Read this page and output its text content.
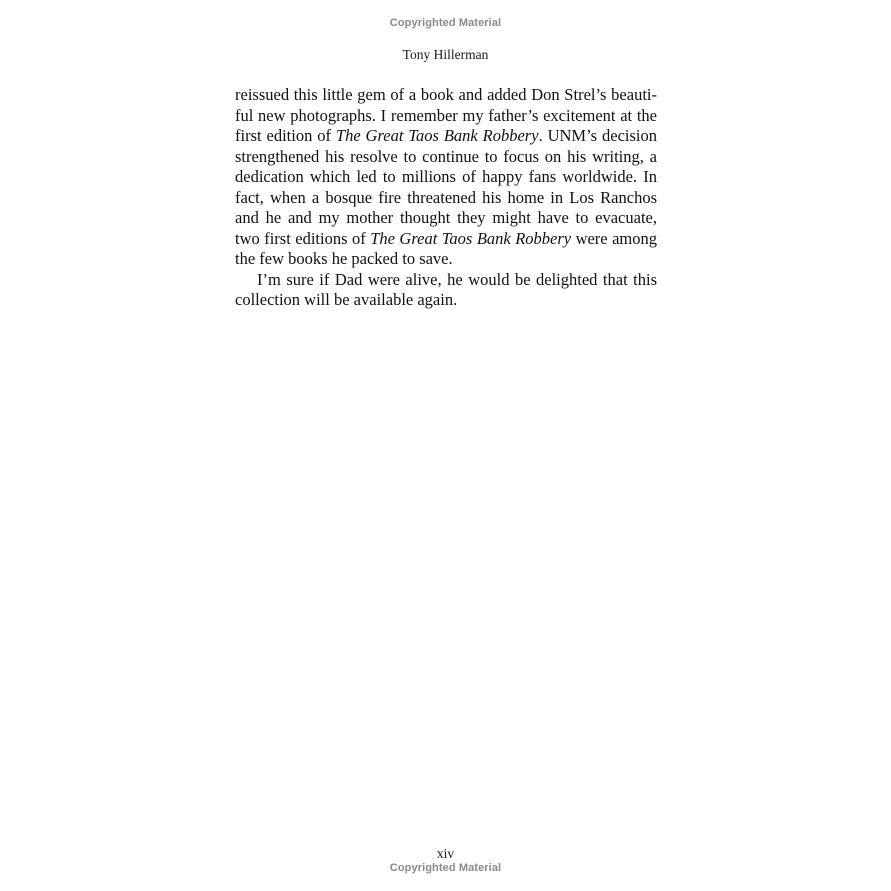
Copyrighted Material
Tony Hillerman

reissued this little gem of a book and added Don Strel’s beauti-ful new photographs. I remember my father’s excitement at the first edition of The Great Taos Bank Robbery. UNM’s decision strengthened his resolve to continue to focus on his writing, a dedication which led to millions of happy fans worldwide. In fact, when a bosque fire threatened his home in Los Ranchos and he and my mother thought they might have to evacuate, two first editions of The Great Taos Bank Robbery were among the few books he packed to save.

I’m sure if Dad were alive, he would be delighted that this collection will be available again.

xiv
Copyrighted Material
